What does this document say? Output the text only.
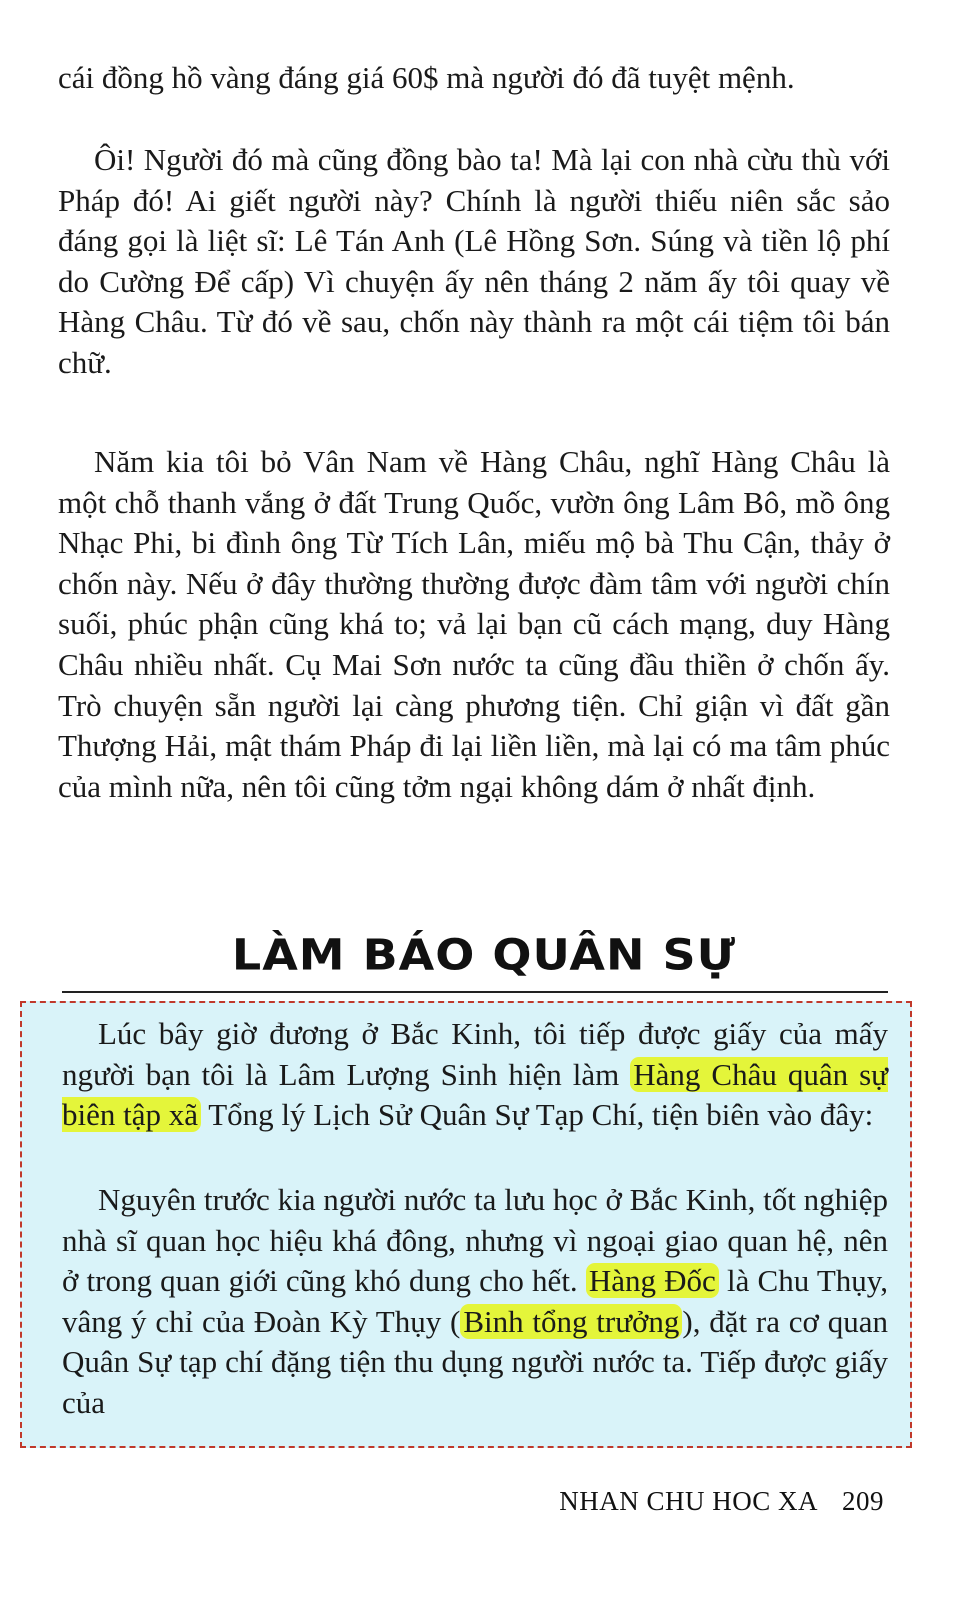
cái đồng hồ vàng đáng giá 60$ mà người đó đã tuyệt mệnh.

Ôi! Người đó mà cũng đồng bào ta! Mà lại con nhà cừu thù với Pháp đó! Ai giết người này? Chính là người thiếu niên sắc sảo đáng gọi là liệt sĩ: Lê Tán Anh (Lê Hồng Sơn. Súng và tiền lộ phí do Cường Để cấp) Vì chuyện ấy nên tháng 2 năm ấy tôi quay về Hàng Châu. Từ đó về sau, chốn này thành ra một cái tiệm tôi bán chữ.

Năm kia tôi bỏ Vân Nam về Hàng Châu, nghĩ Hàng Châu là một chỗ thanh vắng ở đất Trung Quốc, vườn ông Lâm Bô, mồ ông Nhạc Phi, bi đình ông Từ Tích Lân, miếu mộ bà Thu Cận, thảy ở chốn này. Nếu ở đây thường thường được đàm tâm với người chín suối, phúc phận cũng khá to; vả lại bạn cũ cách mạng, duy Hàng Châu nhiều nhất. Cụ Mai Sơn nước ta cũng đầu thiền ở chốn ấy. Trò chuyện sẵn người lại càng phương tiện. Chỉ giận vì đất gần Thượng Hải, mật thám Pháp đi lại liền liền, mà lại có ma tâm phúc của mình nữa, nên tôi cũng tởm ngại không dám ở nhất định.

LÀM BÁO QUÂN SỰ

Lúc bây giờ đương ở Bắc Kinh, tôi tiếp được giấy của mấy người bạn tôi là Lâm Lượng Sinh hiện làm Hàng Châu quân sự biên tập xã Tổng lý Lịch Sử Quân Sự Tạp Chí, tiện biên vào đây:

Nguyên trước kia người nước ta lưu học ở Bắc Kinh, tốt nghiệp nhà sĩ quan học hiệu khá đông, nhưng vì ngoại giao quan hệ, nên ở trong quan giới cũng khó dung cho hết. Hàng Đốc là Chu Thụy, vâng ý chỉ của Đoàn Kỳ Thụy (Binh tổng trưởng), đặt ra cơ quan Quân Sự tạp chí đặng tiện thu dụng người nước ta. Tiếp được giấy của

NHAN CHU HOC XA 209
